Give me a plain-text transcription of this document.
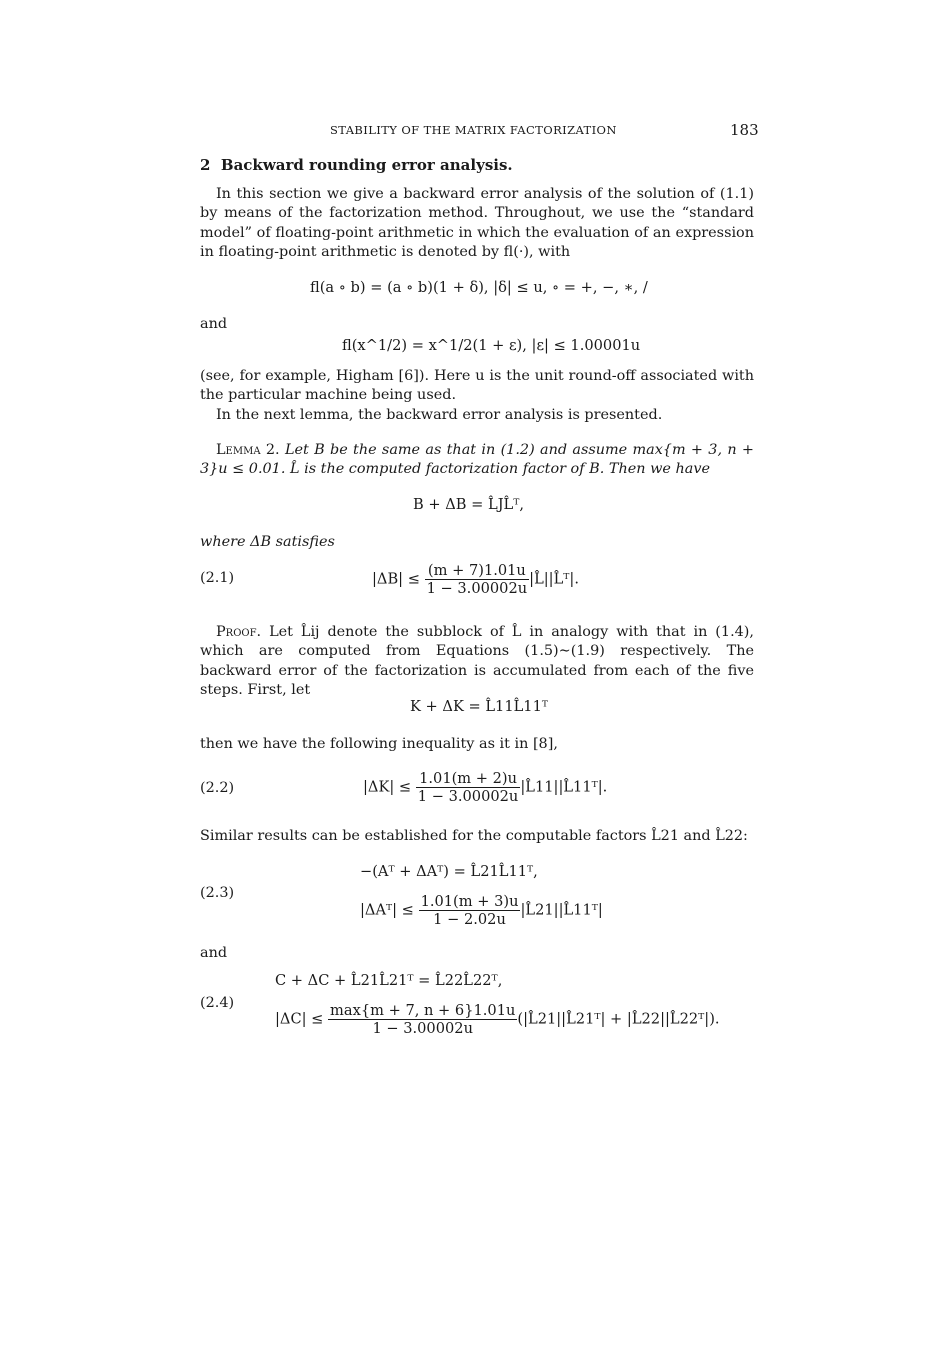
STABILITY OF THE MATRIX FACTORIZATION	183
2 Backward rounding error analysis.

In this section we give a backward error analysis of the solution of (1.1) by means of the factorization method. Throughout, we use the “standard model” of floating-point arithmetic in which the evaluation of an expression in floating-point arithmetic is denoted by fl(·), with

fl(a ∘ b) = (a ∘ b)(1 + δ), |δ| ≤ u, ∘ = +, −, ∗, /

and

fl(x^1/2) = x^1/2(1 + ε), |ε| ≤ 1.00001u

(see, for example, Higham [6]). Here u is the unit round-off associated with the particular machine being used.

In the next lemma, the backward error analysis is presented.

Lemma 2. Let B be the same as that in (1.2) and assume max{m + 3, n + 3}u ≤ 0.01. L̂ is the computed factorization factor of B. Then we have

B + ΔB = L̂JL̂ᵀ,

where ΔB satisfies

(2.1)	$|\Delta B| \le \frac{(m + 7)1.01u}{1 - 3.00002u}$ |L̂||L̂ᵀ|.

Proof. Let L̂ij denote the subblock of L̂ in analogy with that in (1.4), which are computed from Equations (1.5)∼(1.9) respectively. The backward error of the factorization is accumulated from each of the five steps. First, let

K + ΔK = L̂11L̂11ᵀ

then we have the following inequality as it in [8],

(2.2)	$|\Delta K| \le \frac{1.01(m + 2)u}{1 - 3.00002u}$ |L̂11||L̂11ᵀ|.

Similar results can be established for the computable factors L̂21 and L̂22:

(2.3)
−(Aᵀ + ΔAᵀ) = L̂21L̂11ᵀ,
|ΔAᵀ| ≤ $\frac{1.01(m + 3)u}{1 - 2.02u}$ |L̂21||L̂11ᵀ|

and

(2.4)
C + ΔC + L̂21L̂21ᵀ = L̂22L̂22ᵀ,
$|\Delta C| \le \frac{\max\{m + 7, n + 6\}1.01u}{1 - 3.00002u}$ (|L̂21||L̂21ᵀ| + |L̂22||L̂22ᵀ|).
